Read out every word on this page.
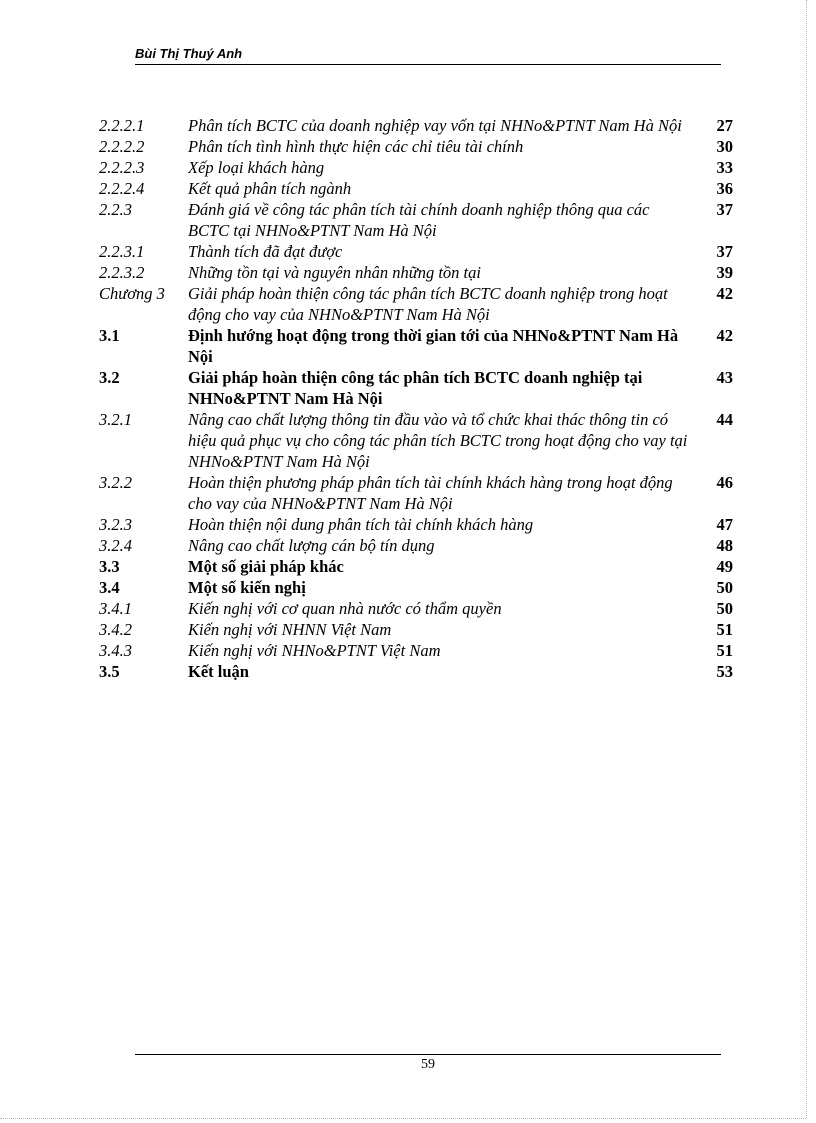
Bùi Thị Thuý Anh
2.2.2.1	Phân tích BCTC của doanh nghiệp vay vốn tại NHNo&PTNT Nam Hà Nội	27
2.2.2.2	Phân tích tình hình thực hiện các chỉ tiêu tài chính	30
2.2.2.3	Xếp loại khách hàng	33
2.2.2.4	Kết quả phân tích ngành	36
2.2.3	Đánh giá về công tác phân tích tài chính doanh nghiệp thông qua các BCTC tại NHNo&PTNT Nam Hà Nội	37
2.2.3.1	Thành tích đã đạt được	37
2.2.3.2	Những tồn tại và nguyên nhân những tồn tại	39
Chương 3	Giải pháp hoàn thiện công tác phân tích BCTC doanh nghiệp trong hoạt động cho vay của NHNo&PTNT Nam Hà Nội	42
3.1	Định hướng hoạt động trong thời gian tới của NHNo&PTNT Nam Hà Nội	42
3.2	Giải pháp hoàn thiện công tác phân tích BCTC doanh nghiệp tại NHNo&PTNT Nam Hà Nội	43
3.2.1	Nâng cao chất lượng thông tin đầu vào và tổ chức khai thác thông tin có hiệu quả phục vụ cho công tác phân tích BCTC trong hoạt động cho vay tại NHNo&PTNT Nam Hà Nội	44
3.2.2	Hoàn thiện phương pháp phân tích tài chính khách hàng trong hoạt động cho vay của NHNo&PTNT Nam Hà Nội	46
3.2.3	Hoàn thiện nội dung phân tích tài chính khách hàng	47
3.2.4	Nâng cao chất lượng cán bộ tín dụng	48
3.3	Một số giải pháp khác	49
3.4	Một số kiến nghị	50
3.4.1	Kiến nghị với cơ quan nhà nước có thẩm quyền	50
3.4.2	Kiến nghị với NHNN Việt Nam	51
3.4.3	Kiến nghị với NHNo&PTNT Việt Nam	51
3.5	Kết luận	53
59
